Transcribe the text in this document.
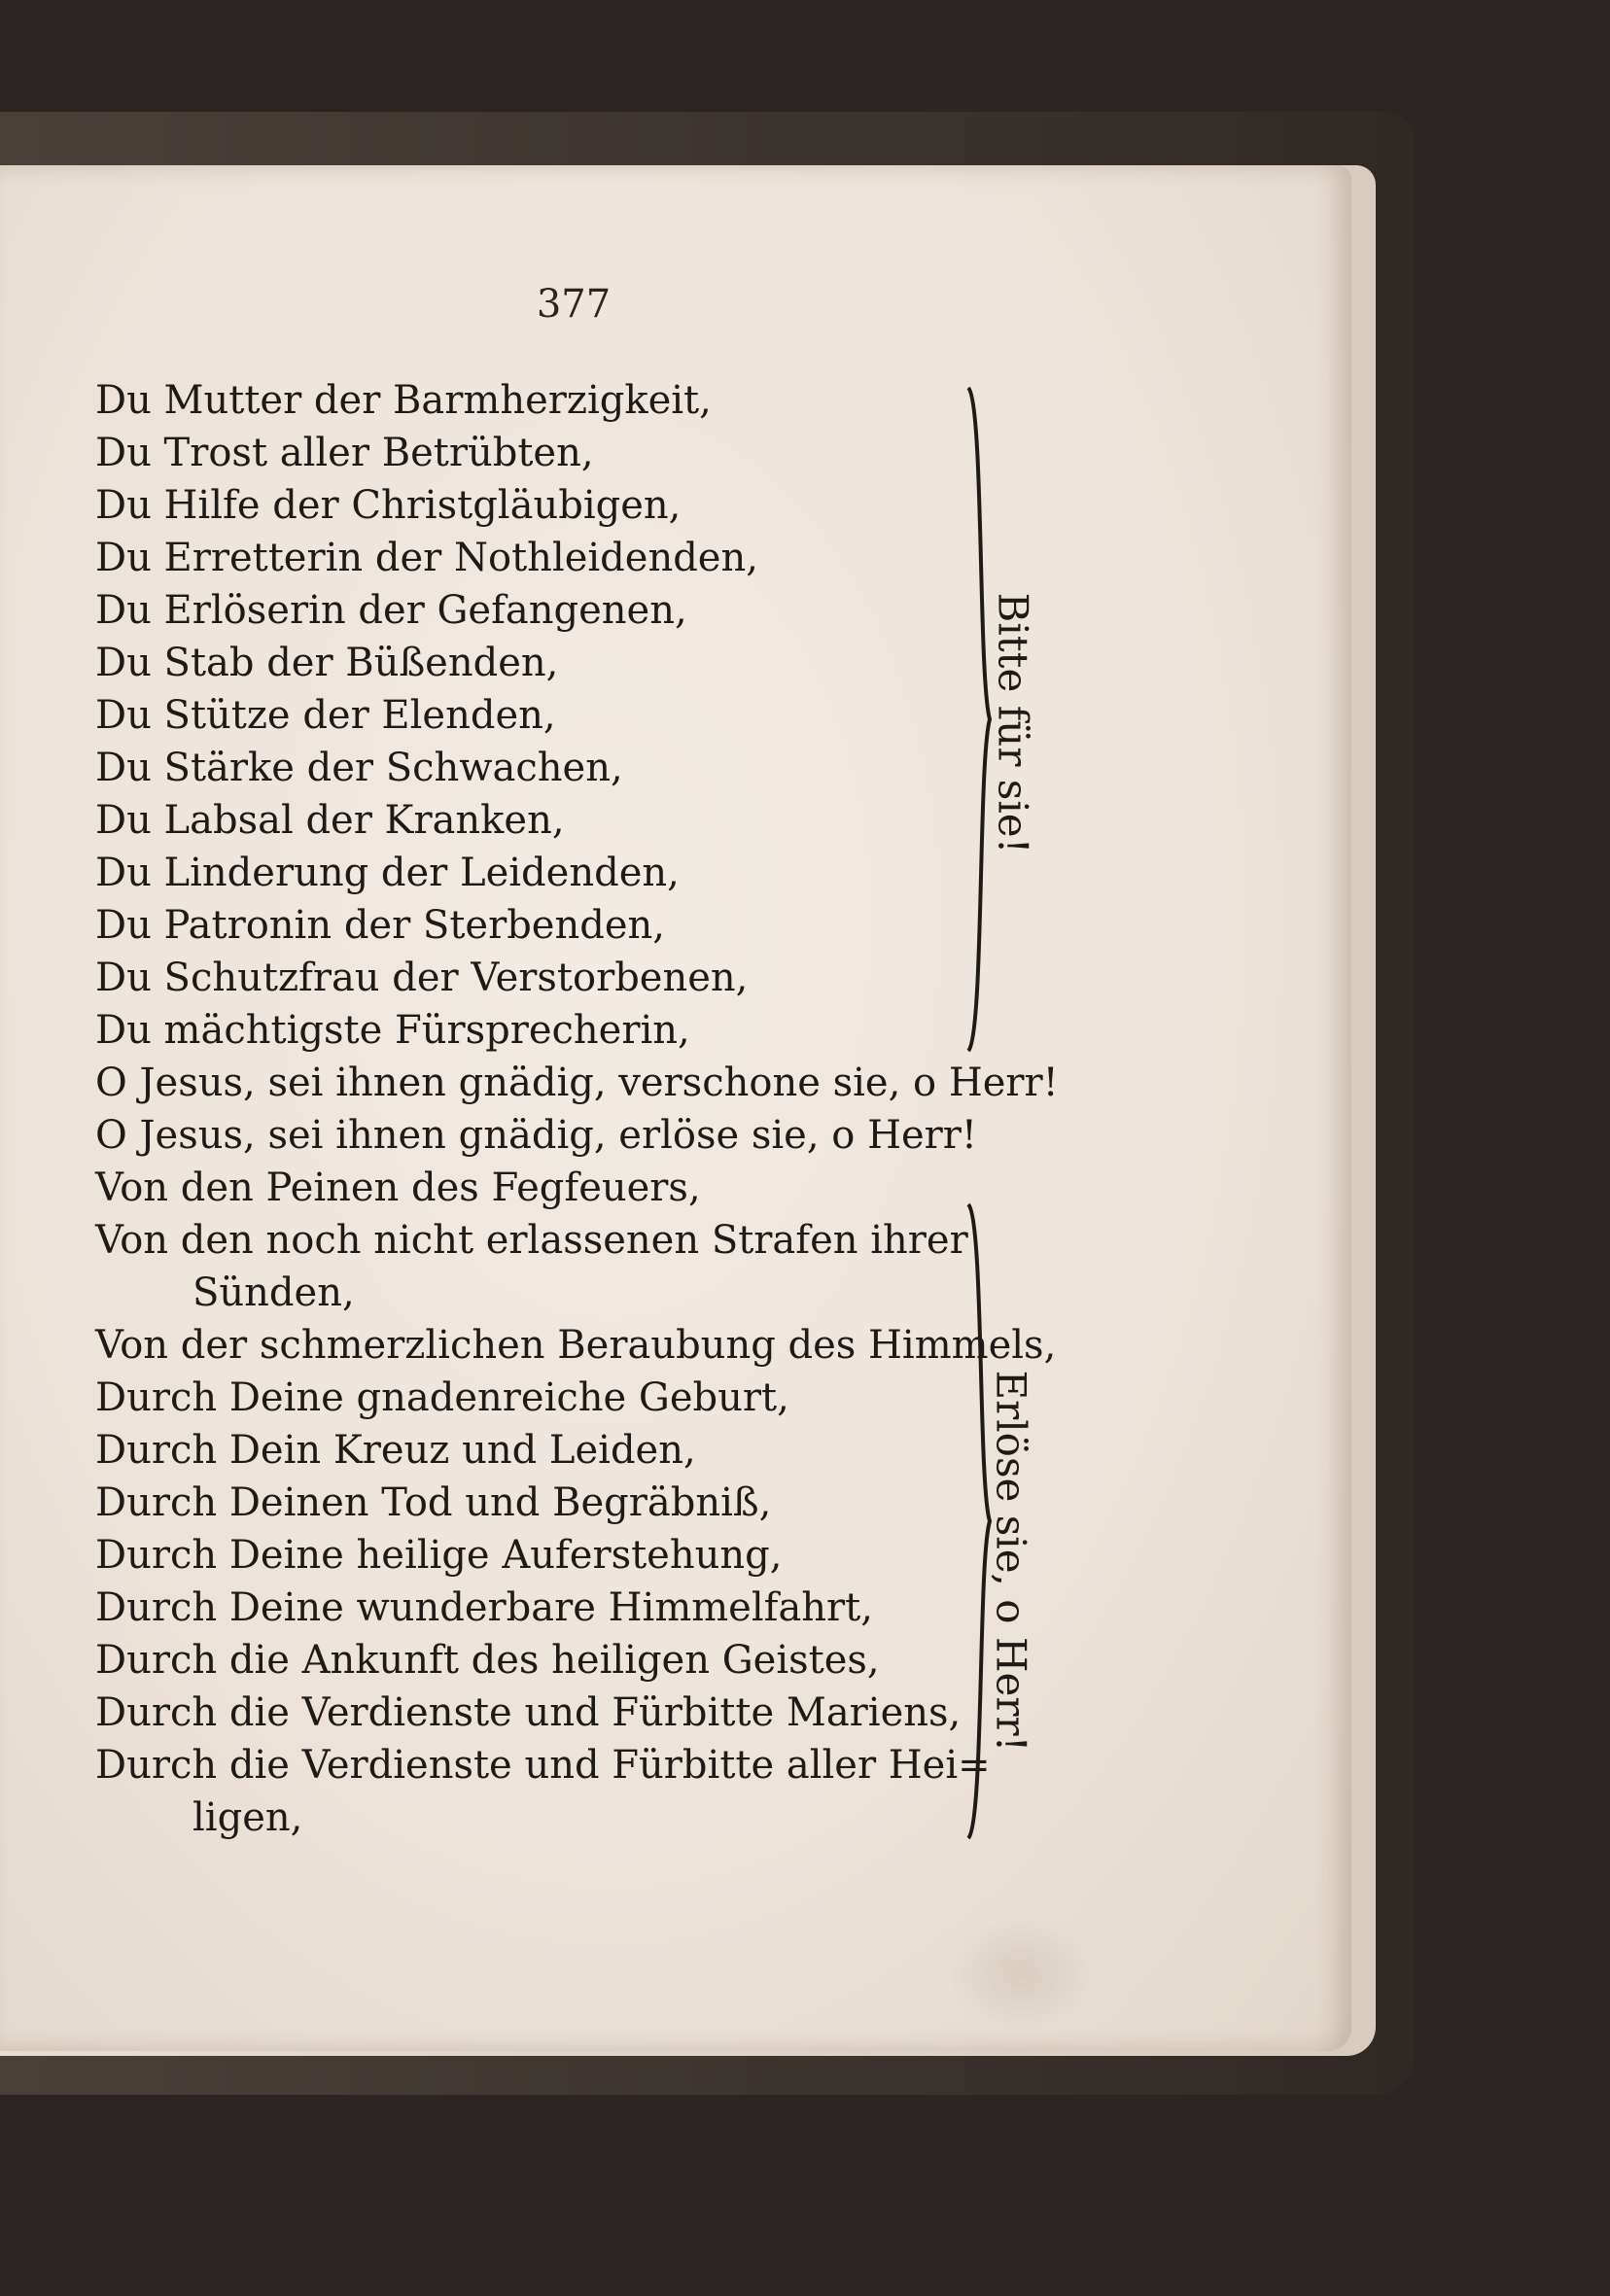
377
Du Mutter der Barmherzigkeit,
Du Trost aller Betrübten,
Du Hilfe der Christgläubigen,
Du Erretterin der Nothleidenden,
Du Erlöserin der Gefangenen,
Du Stab der Büßenden,
Du Stütze der Elenden,
Du Stärke der Schwachen,
Du Labsal der Kranken,
Du Linderung der Leidenden,
Du Patronin der Sterbenden,
Du Schutzfrau der Verstorbenen,
Du mächtigste Fürsprecherin,
O Jesus, sei ihnen gnädig, verschone sie, o Herr!
O Jesus, sei ihnen gnädig, erlöse sie, o Herr!
Von den Peinen des Fegfeuers,
Von den noch nicht erlassenen Strafen ihrer
Sünden,
Von der schmerzlichen Beraubung des Himmels,
Durch Deine gnadenreiche Geburt,
Durch Dein Kreuz und Leiden,
Durch Deinen Tod und Begräbniß,
Durch Deine heilige Auferstehung,
Durch Deine wunderbare Himmelfahrt,
Durch die Ankunft des heiligen Geistes,
Durch die Verdienste und Fürbitte Mariens,
Durch die Verdienste und Fürbitte aller Hei=
ligen,
Bitte für sie!
Erlöse sie, o Herr!
